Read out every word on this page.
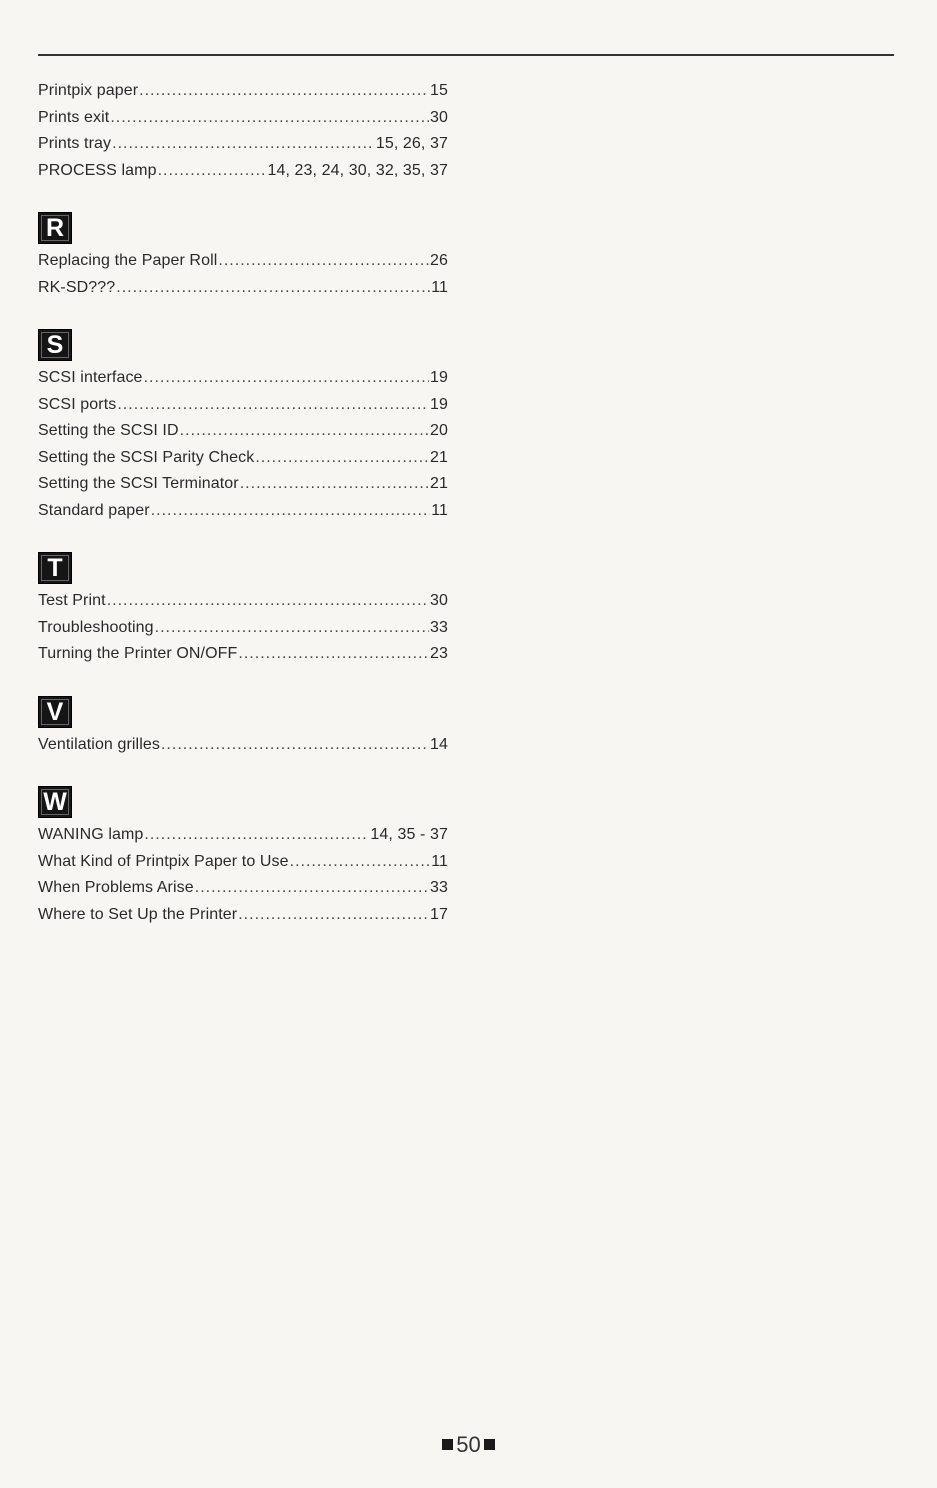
Printpix paper .....	15
Prints exit .....	30
Prints tray .....	15, 26, 37
PROCESS lamp .....	14, 23, 24, 30, 32, 35, 37
R
Replacing the Paper Roll .....	26
RK-SD??? .....	11
S
SCSI interface .....	19
SCSI ports .....	19
Setting the SCSI ID .....	20
Setting the SCSI Parity Check .....	21
Setting the SCSI Terminator .....	21
Standard paper .....	11
T
Test Print .....	30
Troubleshooting .....	33
Turning the Printer ON/OFF .....	23
V
Ventilation grilles .....	14
W
WANING lamp .....	14, 35 - 37
What Kind of Printpix Paper to Use .....	11
When Problems Arise .....	33
Where to Set Up the Printer .....	17
50
